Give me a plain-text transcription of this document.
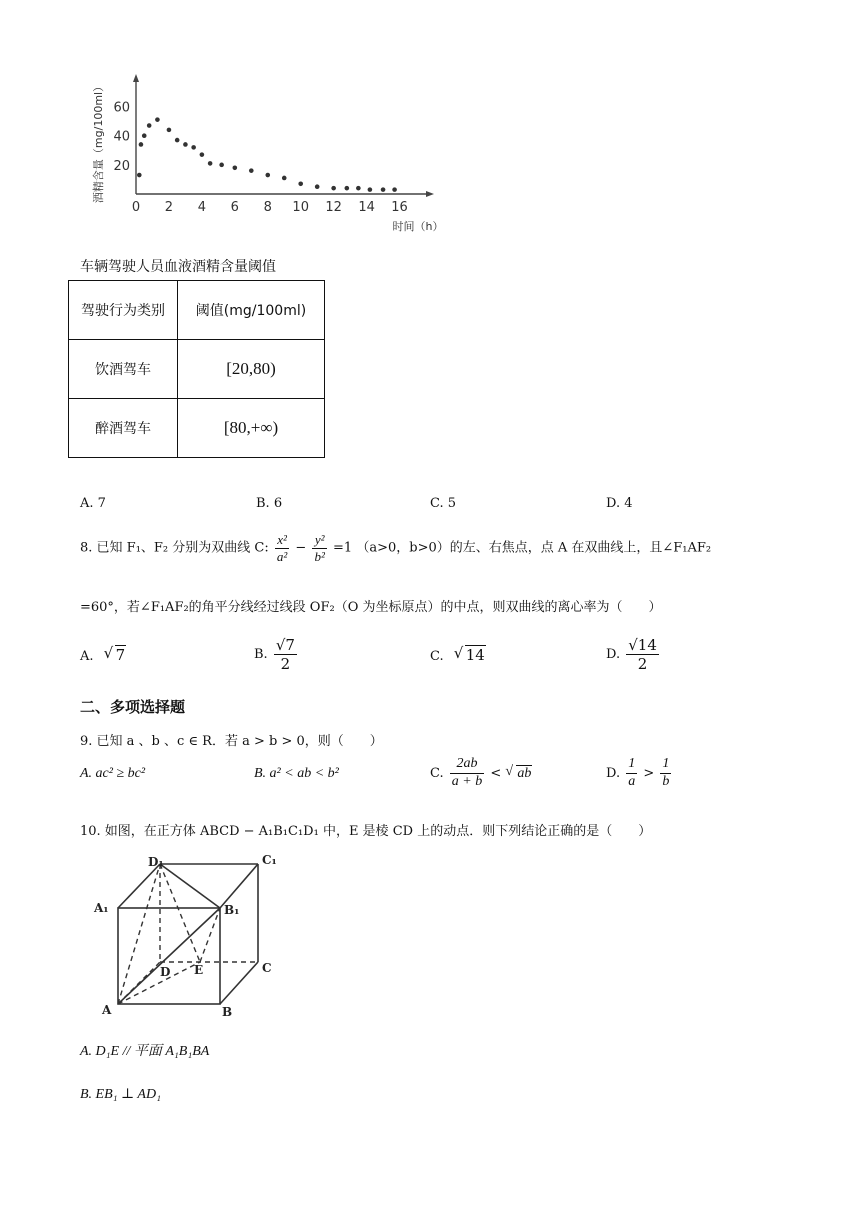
0 2 4 6 8 10 12 14 16
20
40
60
酒精含量（mg/100ml）
时间（h）
车辆驾驶人员血液酒精含量阈值
驾驶行为类别	阈值(mg/100ml)
饮酒驾车	[20,80)
醉酒驾车	[80,+∞)
A. 7	B. 6	C. 5	D. 4
8. 已知 F₁、F₂ 分别为双曲线 C: $\frac{\text{x²}}{\text{a²}} - \frac{\text{y²}}{\text{b²}} =1$ （a>0，b>0）的左、右焦点，点 A 在双曲线上，且∠F₁AF₂
=60°，若∠F₁AF₂的角平分线经过线段 OF₂（O 为坐标原点）的中点，则双曲线的离心率为（　　）
A. √ 7	B. $\frac{√7}{2}$	C. √ 14	D. $\frac{√14}{2}$
二、多项选择题
9. 已知 a 、b 、c ∈ R．若 a > b > 0，则（　　）
A. ac² ≥ bc²	B. a² < ab < b²	C. $\frac{2ab}{a + b}$ < √ ab	D. $\frac{1}{a} > \frac{1}{b}$
10. 如图，在正方体 ABCD − A₁B₁C₁D₁ 中，E 是棱 CD 上的动点．则下列结论正确的是（　　）
D₁	C₁
A₁	B₁
D E	C
A	B
A. D₁E // 平面 A₁B₁BA
B. EB₁ ⊥ AD₁
